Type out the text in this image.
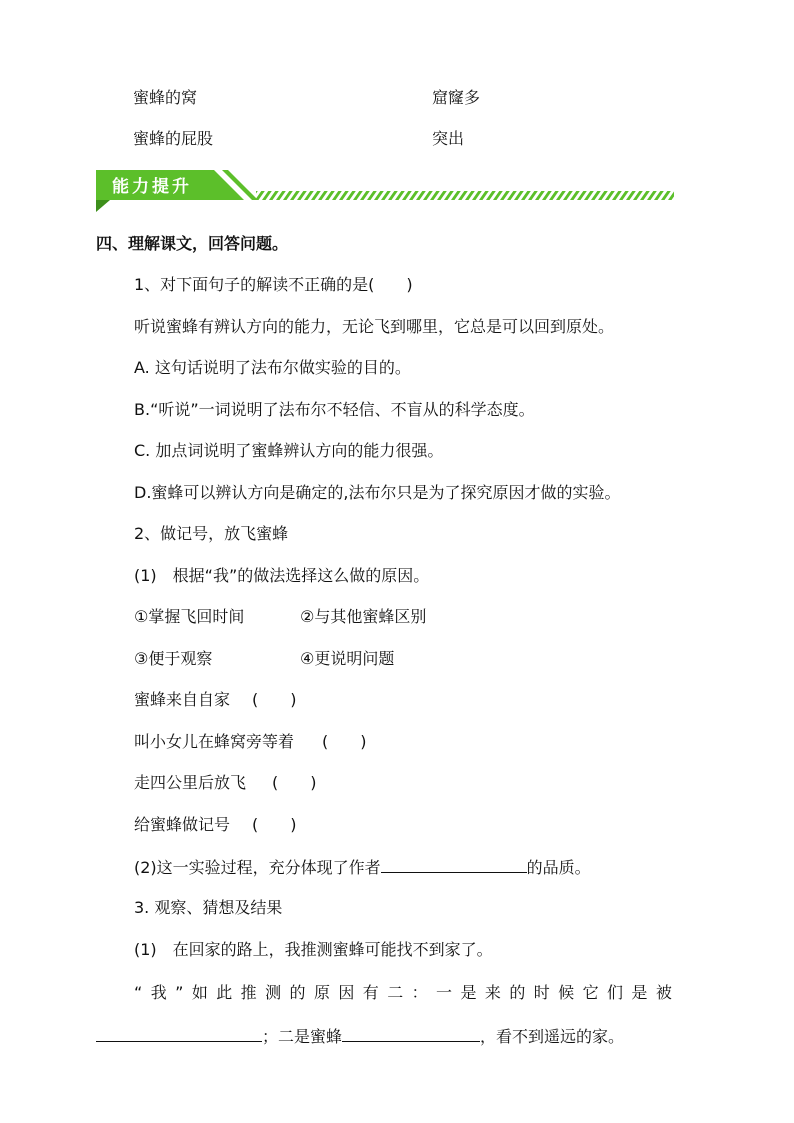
蜜蜂的窝	窟窿多
蜜蜂的屁股	突出
能力提升
四、理解课文，回答问题。
1、对下面句子的解读不正确的是(　　)
听说蜜蜂有辨认方向的能力，无论飞到哪里，它总是可以回到原处。
A. 这句话说明了法布尔做实验的目的。
B.“听说”一词说明了法布尔不轻信、不盲从的科学态度。
C. 加点词说明了蜜蜂辨认方向的能力很强。
D.蜜蜂可以辨认方向是确定的,法布尔只是为了探究原因才做的实验。
2、做记号，放飞蜜蜂
(1)　根据“我”的做法选择这么做的原因。
①掌握飞回时间	②与其他蜜蜂区别
③便于观察	④更说明问题
蜜蜂来自自家 (　　)
叫小女儿在蜂窝旁等着 (　　)
走四公里后放飞 (　　)
给蜜蜂做记号 (　　)
(2)这一实验过程，充分体现了作者	的品质。
3. 观察、猜想及结果
(1)　在回家的路上，我推测蜜蜂可能找不到家了。
“ 我 ” 如 此 推 测 的 原 因 有 二 ： 一 是 来 的 时 候 它 们 是 被
；二是蜜蜂	，看不到遥远的家。
